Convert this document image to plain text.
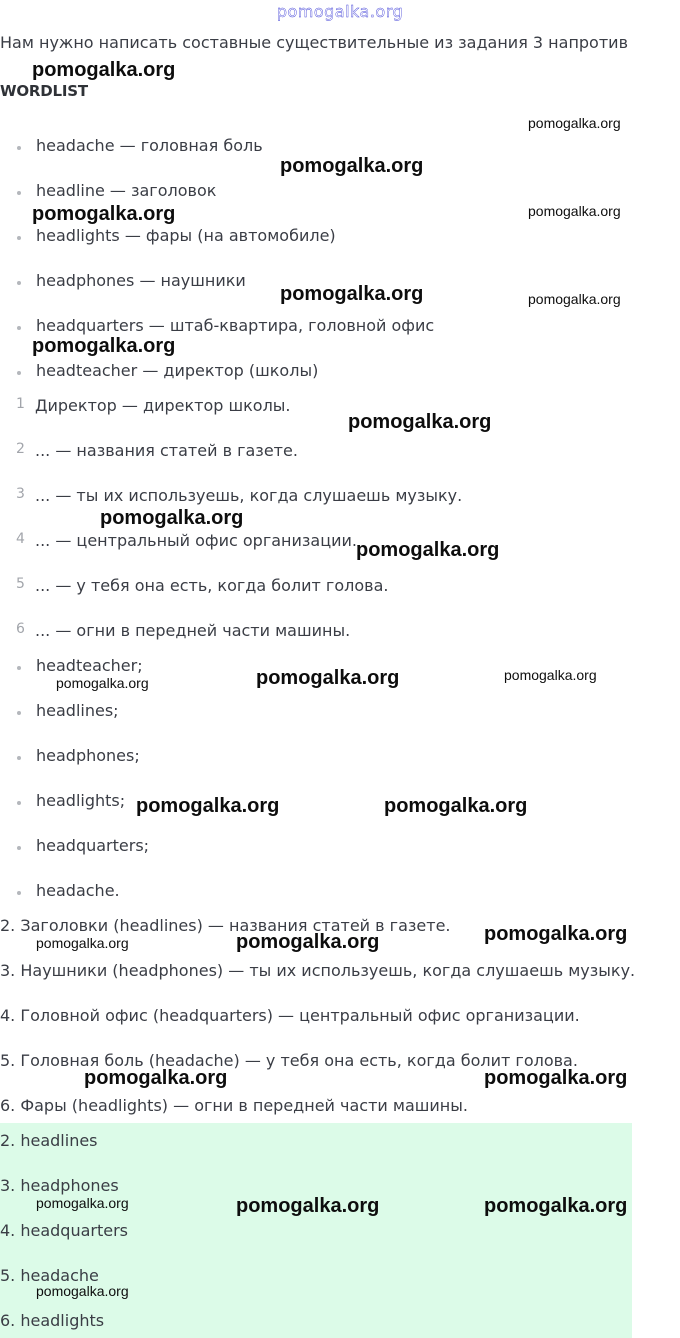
pomogalka.org
Нам нужно написать составные существительные из задания 3 напротив
WORDLIST
headache — головная боль
headline — заголовок
headlights — фары (на автомобиле)
headphones — наушники
headquarters — штаб-квартира, головной офис
headteacher — директор (школы)
1 Директор — директор школы.
2 ... — названия статей в газете.
3 ... — ты их используешь, когда слушаешь музыку.
4 ... — центральный офис организации.
5 ... — у тебя она есть, когда болит голова.
6 ... — огни в передней части машины.
headteacher;
headlines;
headphones;
headlights;
headquarters;
headache.
2. Заголовки (headlines) — названия статей в газете.
3. Наушники (headphones) — ты их используешь, когда слушаешь музыку.
4. Головной офис (headquarters) — центральный офис организации.
5. Головная боль (headache) — у тебя она есть, когда болит голова.
6. Фары (headlights) — огни в передней части машины.
2. headlines
3. headphones
4. headquarters
5. headache
6. headlights
pomogalka.org
pomogalka.org
pomogalka.org
pomogalka.org	pomogalka.org
pomogalka.org	pomogalka.org
pomogalka.org
pomogalka.org
pomogalka.org
pomogalka.org
pomogalka.org	pomogalka.org
pomogalka.org
pomogalka.org	pomogalka.org
pomogalka.org
pomogalka.org	pomogalka.org
pomogalka.org	pomogalka.org
pomogalka.org	pomogalka.org	pomogalka.org
pomogalka.org
